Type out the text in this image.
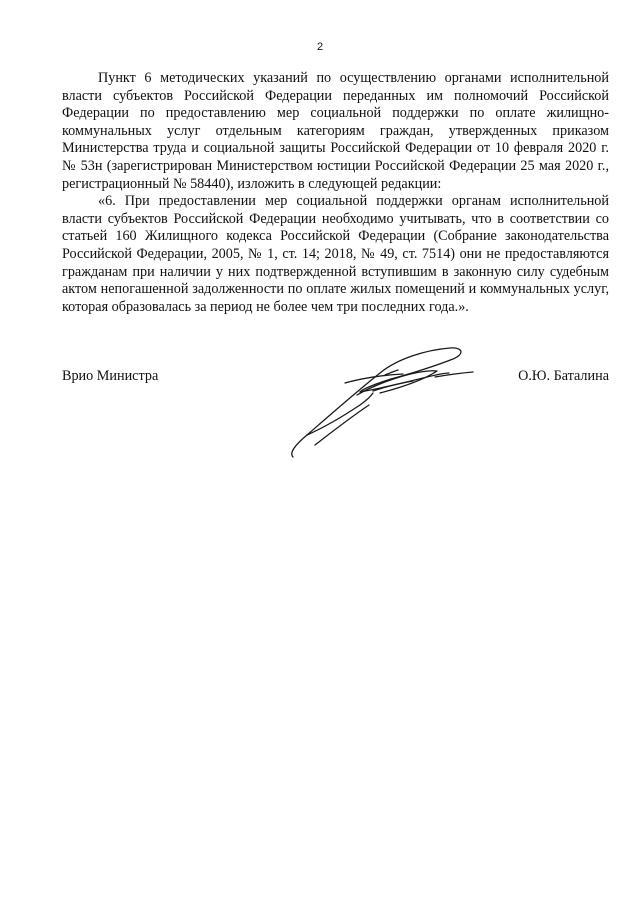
2

Пункт 6 методических указаний по осуществлению органами исполнительной власти субъектов Российской Федерации переданных им полномочий Российской Федерации по предоставлению мер социальной поддержки по оплате жилищно-коммунальных услуг отдельным категориям граждан, утвержденных приказом Министерства труда и социальной защиты Российской Федерации от 10 февраля 2020 г. № 53н (зарегистрирован Министерством юстиции Российской Федерации 25 мая 2020 г., регистрационный № 58440), изложить в следующей редакции:

«6. При предоставлении мер социальной поддержки органам исполнительной власти субъектов Российской Федерации необходимо учитывать, что в соответствии со статьей 160 Жилищного кодекса Российской Федерации (Собрание законодательства Российской Федерации, 2005, № 1, ст. 14; 2018, № 49, ст. 7514) они не предоставляются гражданам при наличии у них подтвержденной вступившим в законную силу судебным актом непогашенной задолженности по оплате жилых помещений и коммунальных услуг, которая образовалась за период не более чем три последних года.».

Врио Министра	О.Ю. Баталина
